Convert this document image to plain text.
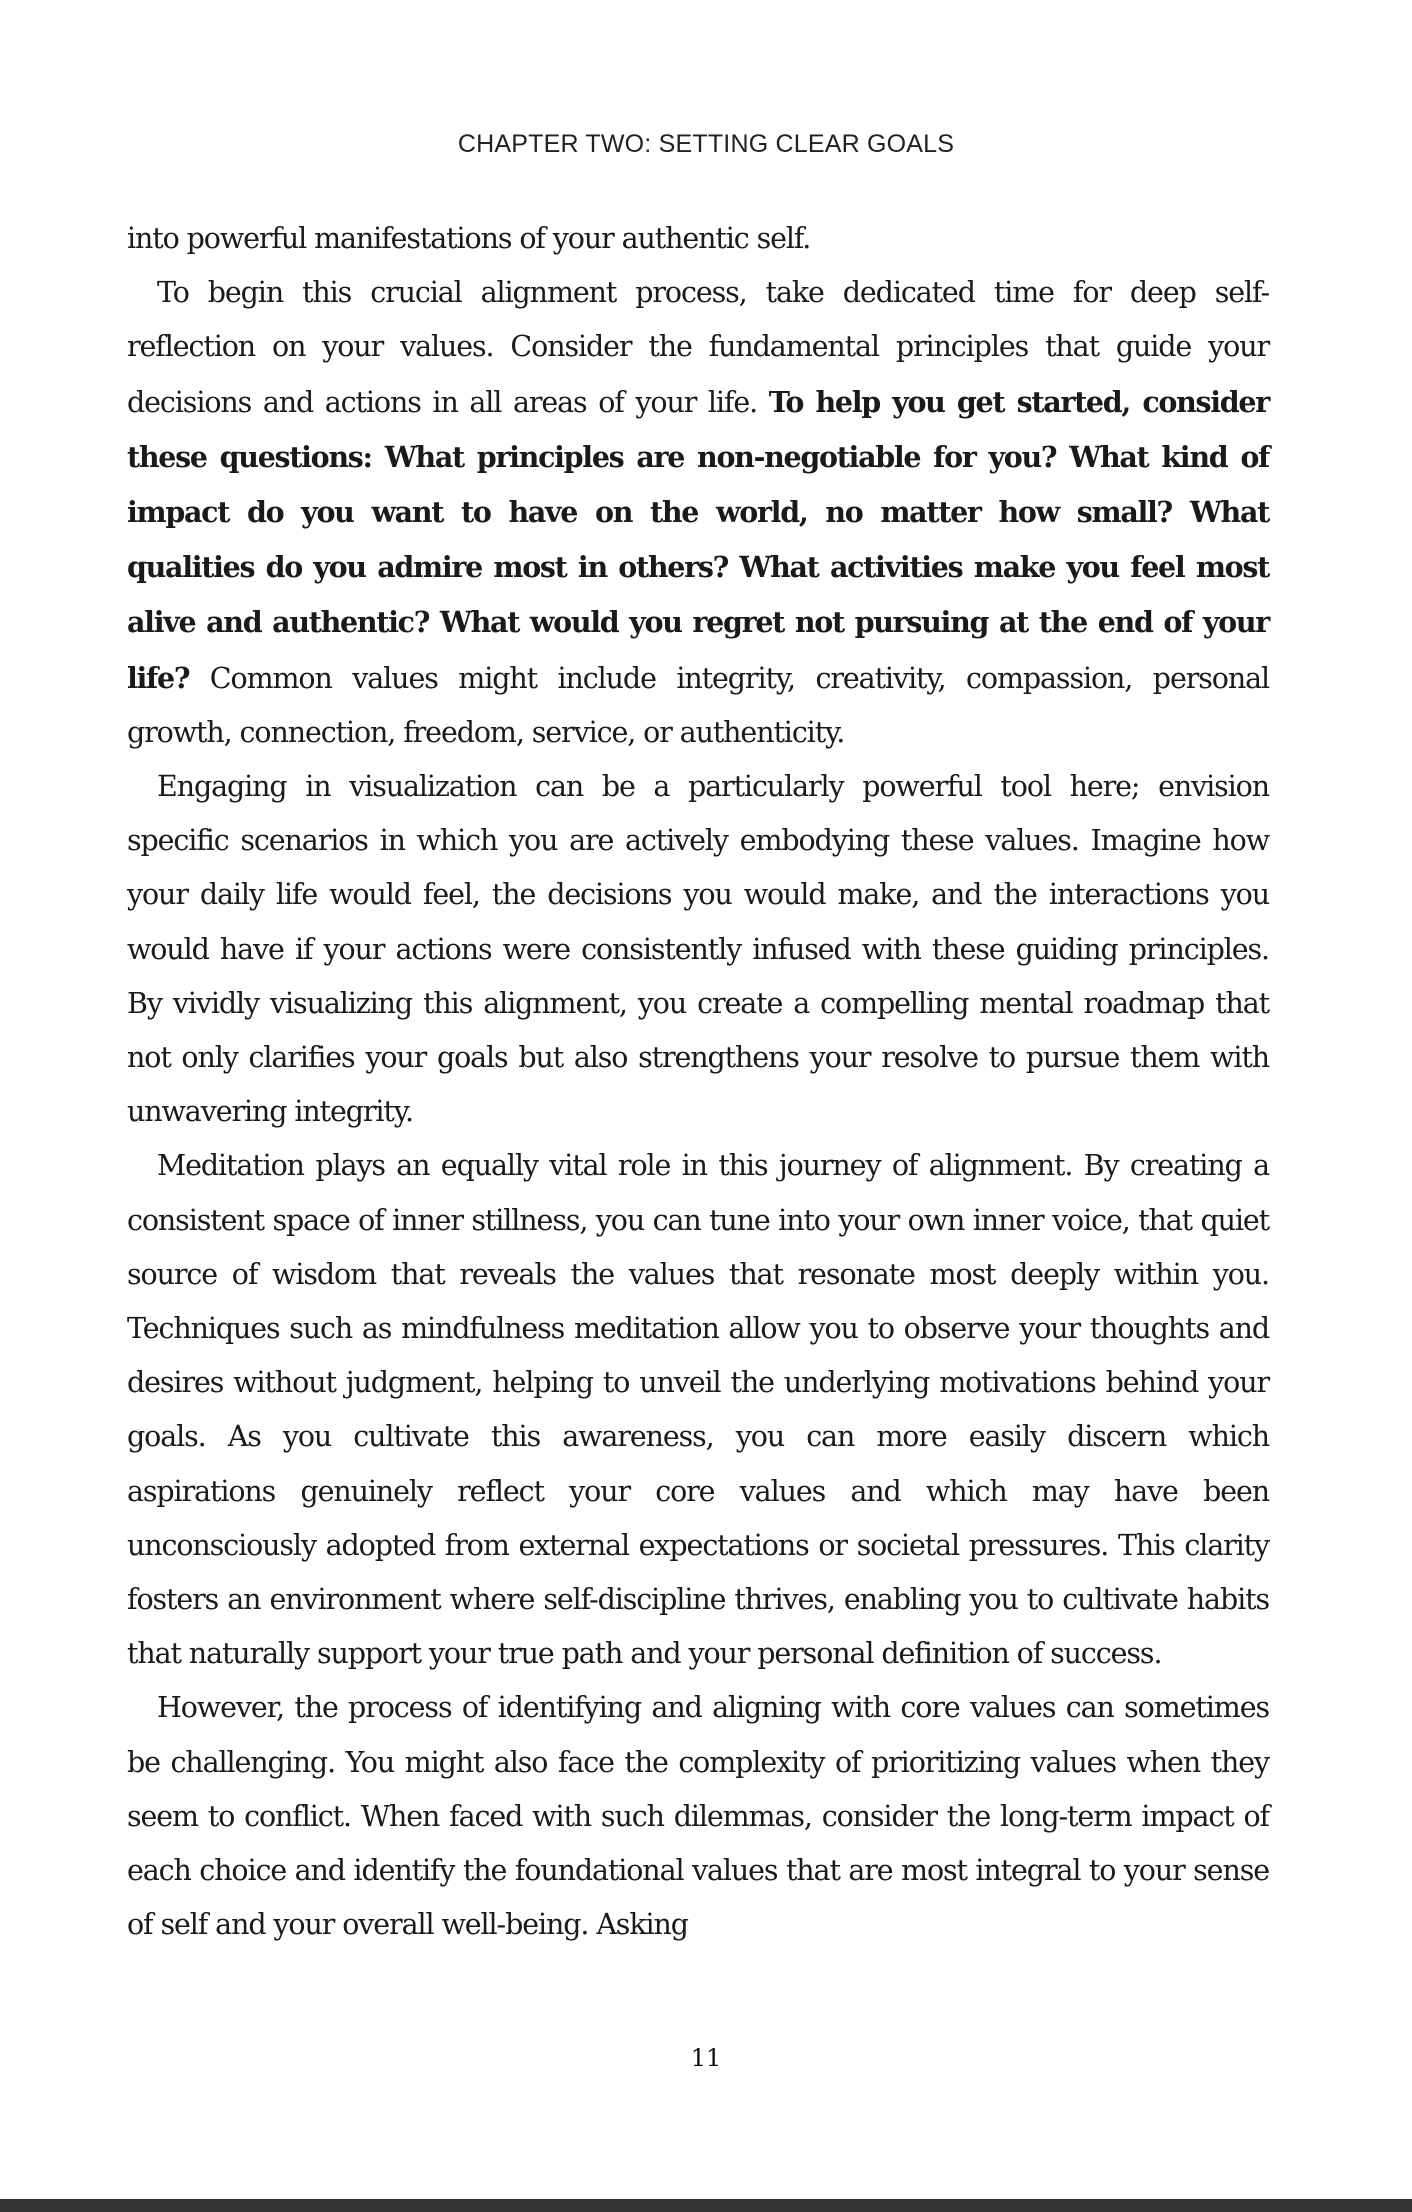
CHAPTER TWO: SETTING CLEAR GOALS

into powerful manifestations of your authentic self.

To begin this crucial alignment process, take dedicated time for deep self-reflection on your values. Consider the fundamental principles that guide your decisions and actions in all areas of your life. To help you get started, consider these questions: What principles are non-negotiable for you? What kind of impact do you want to have on the world, no matter how small? What qualities do you admire most in others? What activities make you feel most alive and authentic? What would you regret not pursuing at the end of your life? Common values might include integrity, creativity, compassion, personal growth, connection, freedom, service, or authenticity.

Engaging in visualization can be a particularly powerful tool here; envision specific scenarios in which you are actively embodying these values. Imagine how your daily life would feel, the decisions you would make, and the interactions you would have if your actions were consistently infused with these guiding principles. By vividly visualizing this alignment, you create a compelling mental roadmap that not only clarifies your goals but also strengthens your resolve to pursue them with unwavering integrity.

Meditation plays an equally vital role in this journey of alignment. By creating a consistent space of inner stillness, you can tune into your own inner voice, that quiet source of wisdom that reveals the values that resonate most deeply within you. Techniques such as mindfulness meditation allow you to observe your thoughts and desires without judgment, helping to unveil the underlying motivations behind your goals. As you cultivate this awareness, you can more easily discern which aspirations genuinely reflect your core values and which may have been unconsciously adopted from external expectations or societal pressures. This clarity fosters an environment where self-discipline thrives, enabling you to cultivate habits that naturally support your true path and your personal definition of success.

However, the process of identifying and aligning with core values can sometimes be challenging. You might also face the complexity of prioritizing values when they seem to conflict. When faced with such dilemmas, consider the long-term impact of each choice and identify the foundational values that are most integral to your sense of self and your overall well-being. Asking

11
